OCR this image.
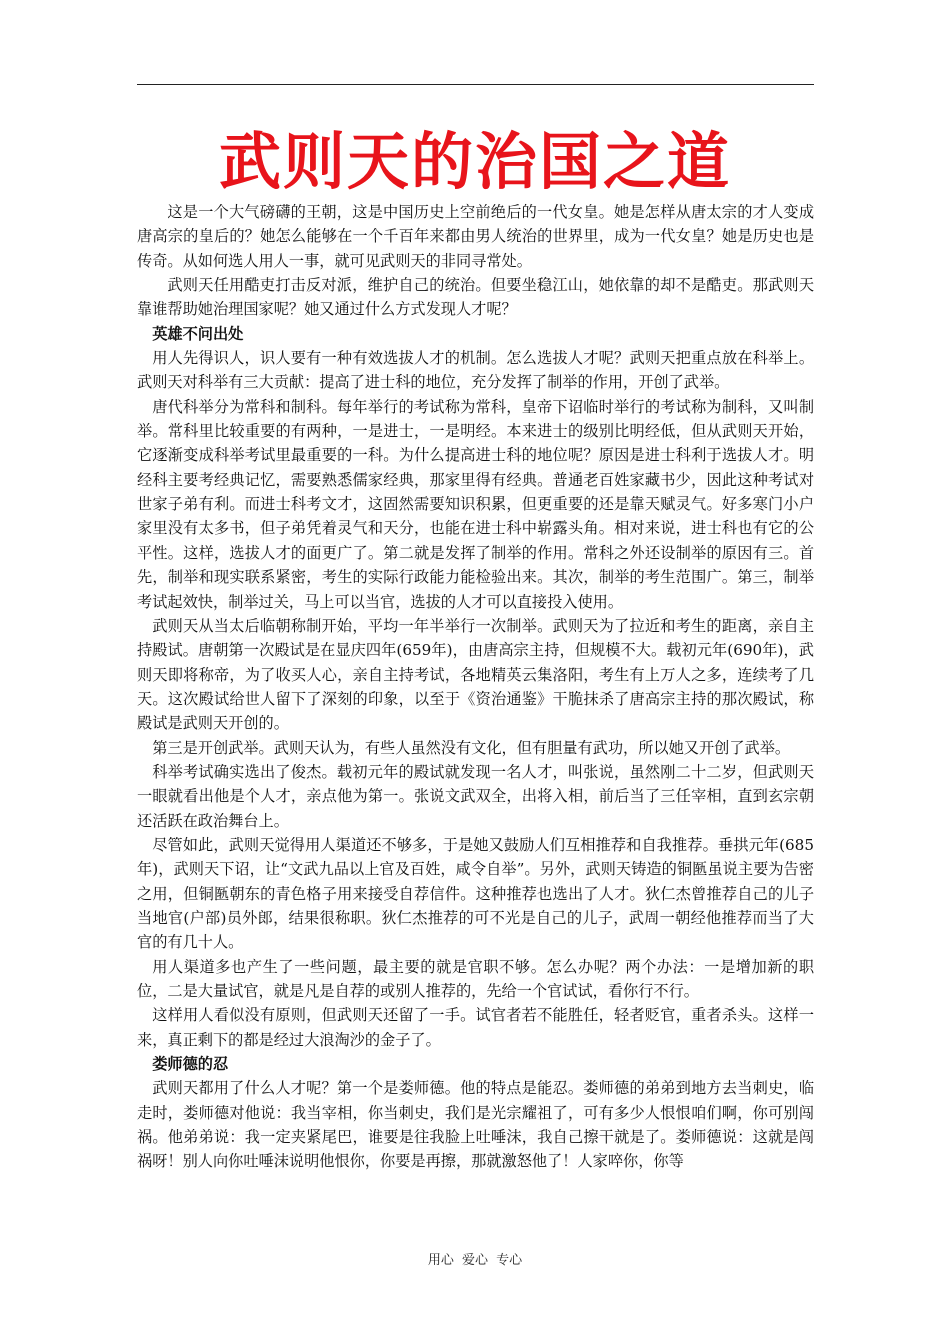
武则天的治国之道

这是一个大气磅礴的王朝，这是中国历史上空前绝后的一代女皇。她是怎样从唐太宗的才人变成唐高宗的皇后的？她怎么能够在一个千百年来都由男人统治的世界里，成为一代女皇？她是历史也是传奇。从如何选人用人一事，就可见武则天的非同寻常处。

武则天任用酷吏打击反对派，维护自己的统治。但要坐稳江山，她依靠的却不是酷吏。那武则天靠谁帮助她治理国家呢？她又通过什么方式发现人才呢？

英雄不问出处

用人先得识人，识人要有一种有效选拔人才的机制。怎么选拔人才呢？武则天把重点放在科举上。武则天对科举有三大贡献：提高了进士科的地位，充分发挥了制举的作用，开创了武举。

唐代科举分为常科和制科。每年举行的考试称为常科，皇帝下诏临时举行的考试称为制科，又叫制举。常科里比较重要的有两种，一是进士，一是明经。本来进士的级别比明经低，但从武则天开始，它逐渐变成科举考试里最重要的一科。为什么提高进士科的地位呢？原因是进士科利于选拔人才。明经科主要考经典记忆，需要熟悉儒家经典，那家里得有经典。普通老百姓家藏书少，因此这种考试对世家子弟有利。而进士科考文才，这固然需要知识积累，但更重要的还是靠天赋灵气。好多寒门小户家里没有太多书，但子弟凭着灵气和天分，也能在进士科中崭露头角。相对来说，进士科也有它的公平性。这样，选拔人才的面更广了。第二就是发挥了制举的作用。常科之外还设制举的原因有三。首先，制举和现实联系紧密，考生的实际行政能力能检验出来。其次，制举的考生范围广。第三，制举考试起效快，制举过关，马上可以当官，选拔的人才可以直接投入使用。

武则天从当太后临朝称制开始，平均一年半举行一次制举。武则天为了拉近和考生的距离，亲自主持殿试。唐朝第一次殿试是在显庆四年(659年)，由唐高宗主持，但规模不大。载初元年(690年)，武则天即将称帝，为了收买人心，亲自主持考试，各地精英云集洛阳，考生有上万人之多，连续考了几天。这次殿试给世人留下了深刻的印象，以至于《资治通鉴》干脆抹杀了唐高宗主持的那次殿试，称殿试是武则天开创的。

第三是开创武举。武则天认为，有些人虽然没有文化，但有胆量有武功，所以她又开创了武举。

科举考试确实选出了俊杰。载初元年的殿试就发现一名人才，叫张说，虽然刚二十二岁，但武则天一眼就看出他是个人才，亲点他为第一。张说文武双全，出将入相，前后当了三任宰相，直到玄宗朝还活跃在政治舞台上。

尽管如此，武则天觉得用人渠道还不够多，于是她又鼓励人们互相推荐和自我推荐。垂拱元年(685年)，武则天下诏，让“文武九品以上官及百姓，咸令自举”。另外，武则天铸造的铜匦虽说主要为告密之用，但铜匦朝东的青色格子用来接受自荐信件。这种推荐也选出了人才。狄仁杰曾推荐自己的儿子当地官(户部)员外郎，结果很称职。狄仁杰推荐的可不光是自己的儿子，武周一朝经他推荐而当了大官的有几十人。

用人渠道多也产生了一些问题，最主要的就是官职不够。怎么办呢？两个办法：一是增加新的职位，二是大量试官，就是凡是自荐的或别人推荐的，先给一个官试试，看你行不行。

这样用人看似没有原则，但武则天还留了一手。试官者若不能胜任，轻者贬官，重者杀头。这样一来，真正剩下的都是经过大浪淘沙的金子了。

娄师德的忍

武则天都用了什么人才呢？第一个是娄师德。他的特点是能忍。娄师德的弟弟到地方去当刺史，临走时，娄师德对他说：我当宰相，你当刺史，我们是光宗耀祖了，可有多少人恨恨咱们啊，你可别闯祸。他弟弟说：我一定夹紧尾巴，谁要是往我脸上吐唾沫，我自己擦干就是了。娄师德说：这就是闯祸呀！别人向你吐唾沫说明他恨你，你要是再擦，那就激怒他了！人家啐你，你等

用心 爱心 专心
